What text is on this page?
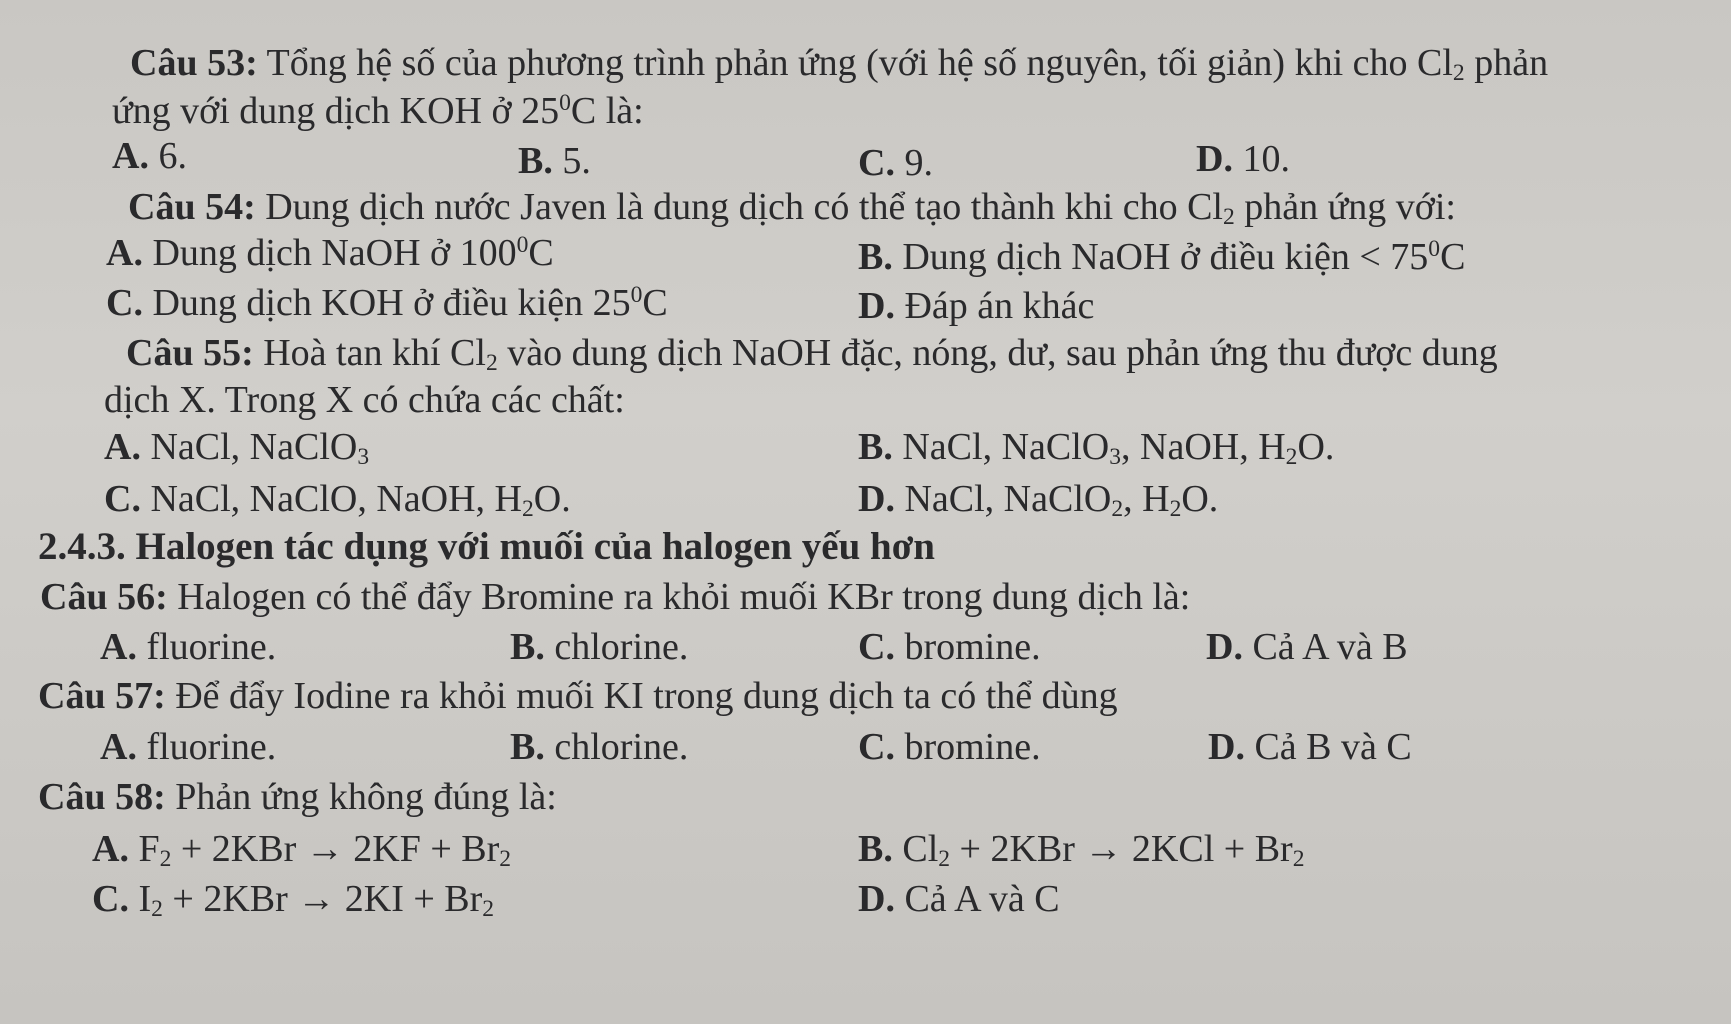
Câu 53: Tổng hệ số của phương trình phản ứng (với hệ số nguyên, tối giản) khi cho $Cl_2$ phản
ứng với dung dịch KOH ở $25^0C$ là:
A. 6.	B. 5.	C. 9.	D. 10.
Câu 54: Dung dịch nước Javen là dung dịch có thể tạo thành khi cho $Cl_2$ phản ứng với:
A. Dung dịch NaOH ở $100^0C$	B. Dung dịch NaOH ở điều kiện < $75^0C$
C. Dung dịch KOH ở điều kiện $25^0C$	D. Đáp án khác
Câu 55: Hoà tan khí $Cl_2$ vào dung dịch NaOH đặc, nóng, dư, sau phản ứng thu được dung
dịch X. Trong X có chứa các chất:
A. NaCl, NaClO$_3$	B. NaCl, NaClO$_3$, NaOH, $H_2O$.
C. NaCl, NaClO, NaOH, $H_2O$.	D. NaCl, NaClO$_2$, $H_2O$.
2.4.3. Halogen tác dụng với muối của halogen yếu hơn
Câu 56: Halogen có thể đẩy Bromine ra khỏi muối KBr trong dung dịch là:
A. fluorine.	B. chlorine.	C. bromine.	D. Cả A và B
Câu 57: Để đẩy Iodine ra khỏi muối KI trong dung dịch ta có thể dùng
A. fluorine.	B. chlorine.	C. bromine.	D. Cả B và C
Câu 58: Phản ứng không đúng là:
A. $F_2 + 2KBr \to 2KF + Br_2$	B. $Cl_2 + 2KBr \to 2KCl + Br_2$
C. $I_2 + 2KBr \to 2KI + Br_2$	D. Cả A và C
